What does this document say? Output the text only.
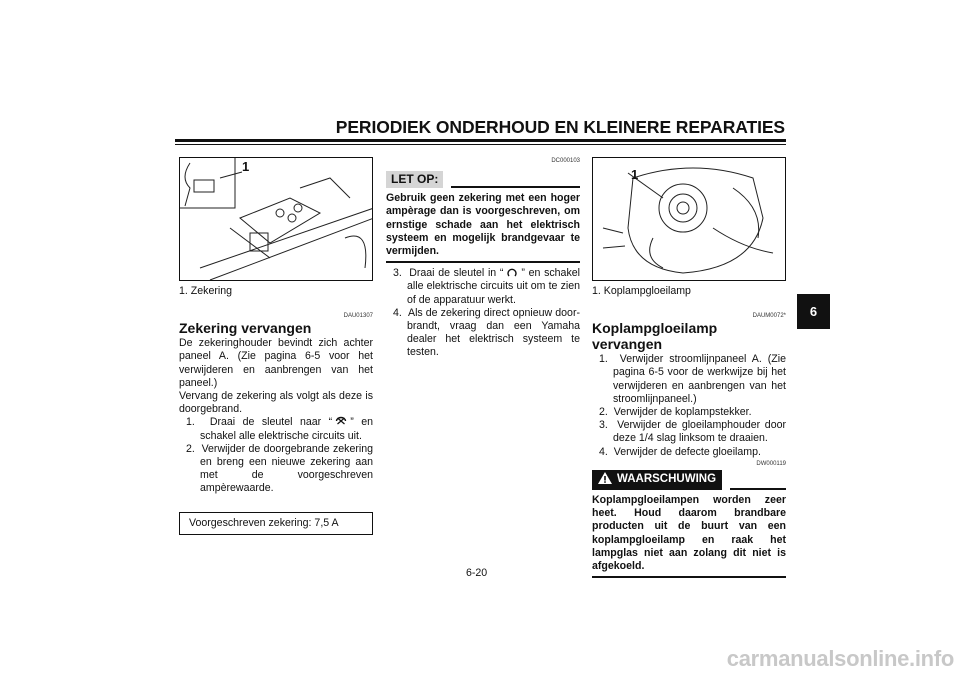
PERIODIEK ONDERHOUD EN KLEINERE REPARATIES
1
1. Zekering
DAU01307
Zekering vervangen

De zekeringhouder bevindt zich achter paneel A. (Zie pagina 6-5 voor het verwijderen en aanbrengen van het paneel.)

Vervang de zekering als volgt als deze is doorgebrand.

1. Draai de sleutel naar “ ” en schakel alle elektrische circuits uit.
2. Verwijder de doorgebrande zekering en breng een nieuwe zekering aan met de voorgeschreven ampèrewaarde.
Voorgeschreven zekering: 7,5 A
DC000103
LET OP:
Gebruik geen zekering met een hoger ampèrage dan is voorgeschreven, om ernstige schade aan het elektrisch systeem en mogelijk brandgevaar te vermijden.
3. Draai de sleutel in “ ” en schakel alle elektrische circuits uit om te zien of de apparatuur werkt.
4. Als de zekering direct opnieuw doorbrandt, vraag dan een Yamaha dealer het elektrisch systeem te testen.
1
1. Koplampgloeilamp
DAUM0072*
Koplampgloeilamp vervangen
1. Verwijder stroomlijnpaneel A. (Zie pagina 6-5 voor de werkwijze bij het verwijderen en aanbrengen van het stroomlijnpaneel.)
2. Verwijder de koplampstekker.
3. Verwijder de gloeilamphouder door deze 1/4 slag linksom te draaien.
4. Verwijder de defecte gloeilamp.
DW000119
WAARSCHUWING
Koplampgloeilampen worden zeer heet. Houd daarom brandbare producten uit de buurt van een koplampgloeilamp en raak het lampglas niet aan zolang dit niet is afgekoeld.
6
6-20
carmanualsonline.info
